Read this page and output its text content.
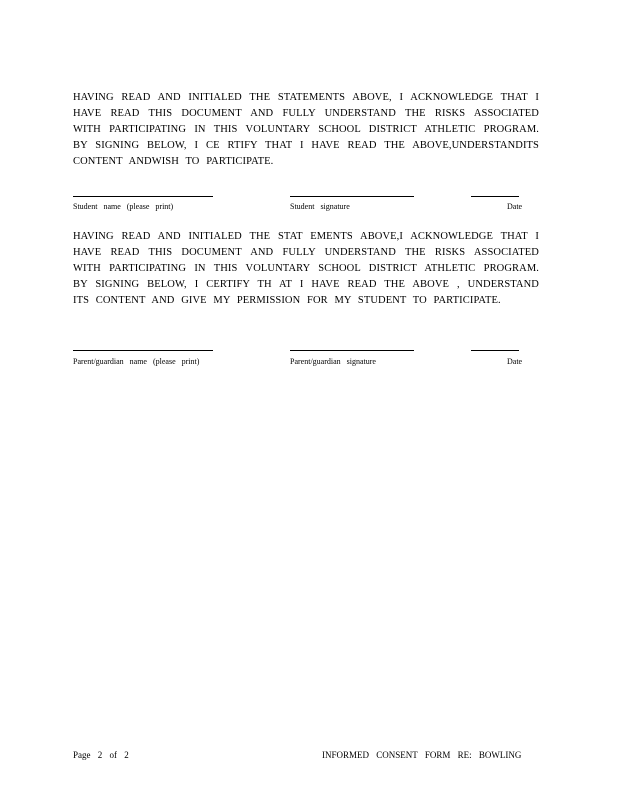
HAVING READ AND INITIALED THE STATEMENTS ABOVE, I ACKNOWLEDGE THAT I HAVE READ THIS DOCUMENT AND FULLY UNDERSTAND THE RISKS ASSOCIATED WITH PARTICIPATING IN THIS VOLUNTARY SCHOOL DISTRICT ATHLETIC PROGRAM. BY SIGNING BELOW, I CE RTIFY THAT I HAVE READ THE ABOVE,UNDERSTANDITS CONTENT ANDWISH TO PARTICIPATE.
Student name (please print)	Student signature	Date
HAVING READ AND INITIALED THE STAT EMENTS ABOVE,I ACKNOWLEDGE THAT I HAVE READ THIS DOCUMENT AND FULLY UNDERSTAND THE RISKS ASSOCIATED WITH PARTICIPATING IN THIS VOLUNTARY SCHOOL DISTRICT ATHLETIC PROGRAM. BY SIGNING BELOW, I CERTIFY TH AT I HAVE READ THE ABOVE , UNDERSTAND ITS CONTENT AND GIVE MY PERMISSION FOR MY STUDENT TO PARTICIPATE.
Parent/guardian name (please print)	Parent/guardian signature	Date
Page 2 of 2	INFORMED CONSENT FORM RE: BOWLING
